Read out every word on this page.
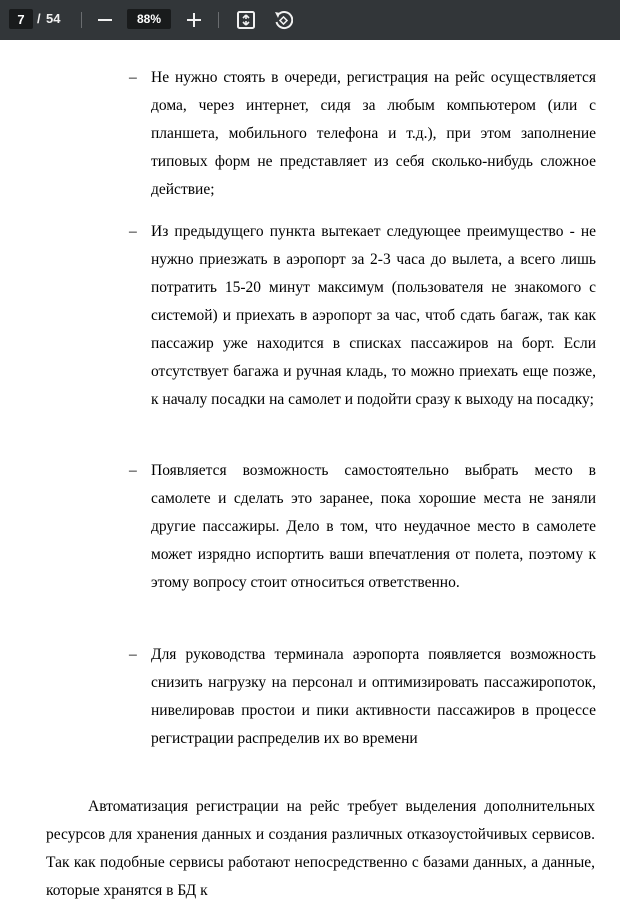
7 / 54	88%
– Не нужно стоять в очереди, регистрация на рейс осуществляется дома, через интернет, сидя за любым компьютером (или с планшета, мобильного телефона и т.д.), при этом заполнение типовых форм не представляет из себя сколько-нибудь сложное действие;
– Из предыдущего пункта вытекает следующее преимущество - не нужно приезжать в аэропорт за 2-3 часа до вылета, а всего лишь потратить 15-20 минут максимум (пользователя не знакомого с системой) и приехать в аэропорт за час, чтоб сдать багаж, так как пассажир уже находится в списках пассажиров на борт. Если отсутствует багажа и ручная кладь, то можно приехать еще позже, к началу посадки на самолет и подойти сразу к выходу на посадку;
– Появляется возможность самостоятельно выбрать место в самолете и сделать это заранее, пока хорошие места не заняли другие пассажиры. Дело в том, что неудачное место в самолете может изрядно испортить ваши впечатления от полета, поэтому к этому вопросу стоит относиться ответственно.
– Для руководства терминала аэропорта появляется возможность снизить нагрузку на персонал и оптимизировать пассажиропоток, нивелировав простои и пики активности пассажиров в процессе регистрации распределив их во времени
Автоматизация регистрации на рейс требует выделения дополнительных ресурсов для хранения данных и создания различных отказоустойчивых сервисов. Так как подобные сервисы работают непосредственно с базами данных, а данные, которые хранятся в БД к
